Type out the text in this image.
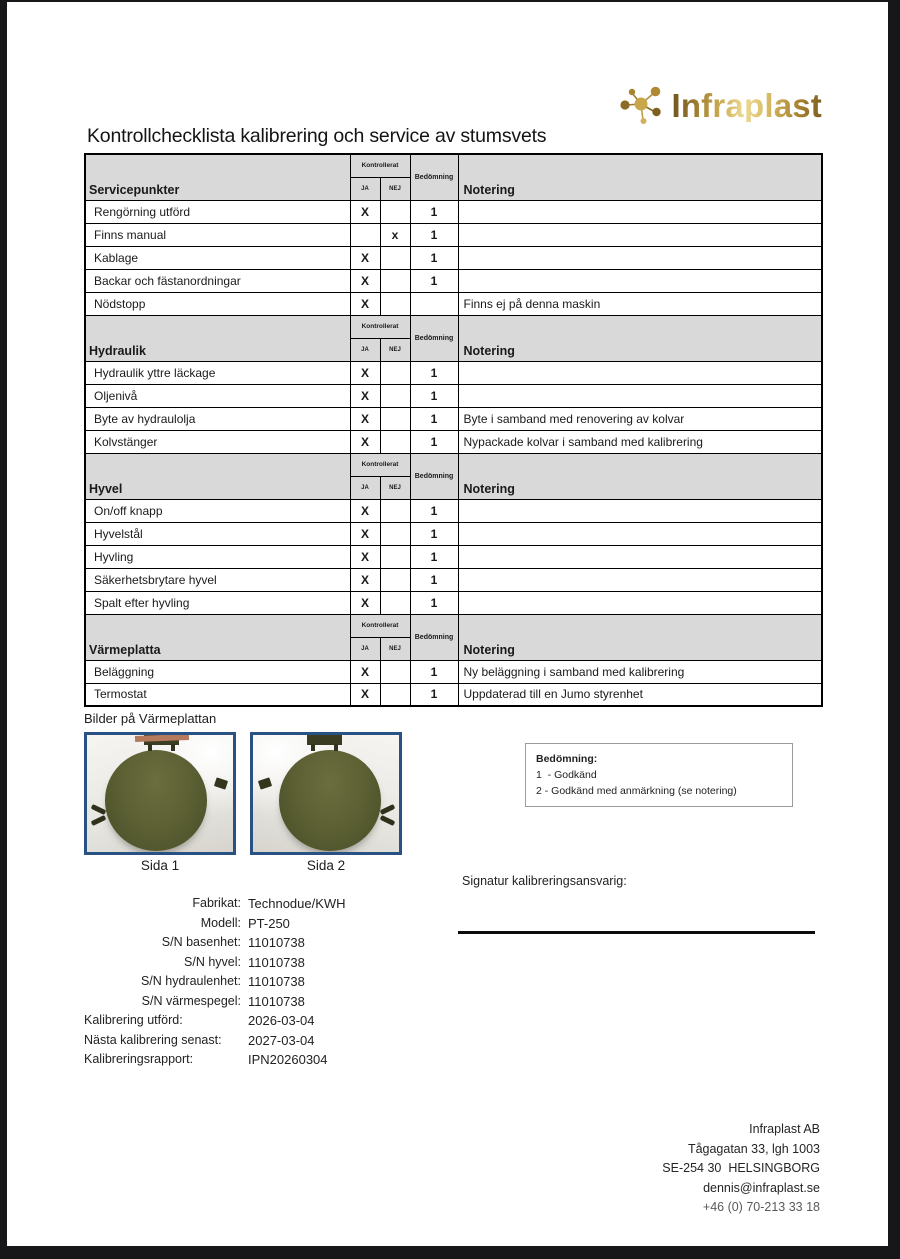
Infraplast
Kontrollchecklista kalibrering och service av stumsvets
Servicepunkter	Kontrollerat		Bedömning	Notering
	JA	NEJ		
Rengörning utförd	X		1	
Finns manual		x	1	
Kablage	X		1	
Backar och fästanordningar	X		1	
Nödstopp	X			Finns ej på denna maskin
Hydraulik	Kontrollerat		Bedömning	Notering
	JA	NEJ		
Hydraulik yttre läckage	X		1	
Oljenivå	X		1	
Byte av hydraulolja	X		1	Byte i samband med renovering av kolvar
Kolvstänger	X		1	Nypackade kolvar i samband med kalibrering
Hyvel	Kontrollerat		Bedömning	Notering
	JA	NEJ		
On/off knapp	X		1	
Hyvelstål	X		1	
Hyvling	X		1	
Säkerhetsbrytare hyvel	X		1	
Spalt efter hyvling	X		1	
Värmeplatta	Kontrollerat		Bedömning	Notering
	JA	NEJ		
Beläggning	X		1	Ny beläggning i samband med kalibrering
Termostat	X		1	Uppdaterad till en Jumo styrenhet
Bilder på Värmeplattan
Sida 1	Sida 2
Bedömning:
1  - Godkänd
2 - Godkänd med anmärkning (se notering)
Signatur kalibreringsansvarig:
Fabrikat: Technodue/KWH
Modell: PT-250
S/N basenhet: 11010738
S/N hyvel: 11010738
S/N hydraulenhet: 11010738
S/N värmespegel: 11010738
Kalibrering utförd:	2026-03-04
Nästa kalibrering senast:	2027-03-04
Kalibreringsrapport:	IPN20260304
Infraplast AB
Tågagatan 33, lgh 1003
SE-254 30  HELSINGBORG
dennis@infraplast.se
+46 (0) 70-213 33 18
